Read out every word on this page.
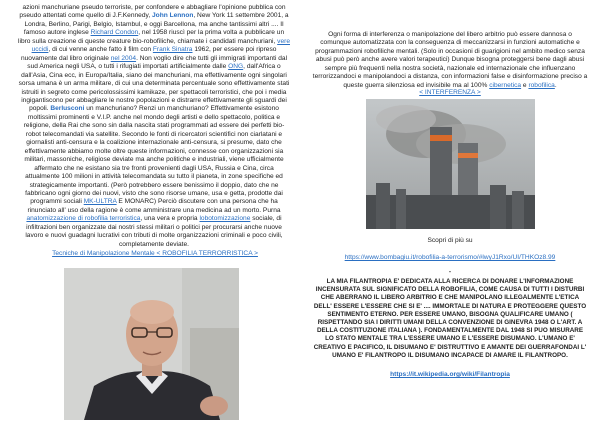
azioni manchuriane pseudo terroriste, per confondere e abbagliare l'opinione pubblica con pseudo attentati come quello di J.F.Kennedy, John Lennon, New York 11 settembre 2001, a Londra, Berlino, Parigi, Belgio, Istambul, e oggi Barcellona, ma anche tantissimi altri .... Il famoso autore inglese Richard Condon, nel 1958 riuscì per la prima volta a pubblicare un libro sulla creazione di queste creature bio-robofiliche, chiamate i candidati manchuriani, vere uccidi, di cui venne anche fatto il film con Frank Sinatra 1962, per essere poi ripreso nuovamente dal libro originale nel 2004. Non voglio dire che tutti gli immigrati importanti dal sud America negli USA, o tutti i rifugiati importati artificialmente dalle ONG, dall'Africa o dall'Asia, Cina ecc, in Europa/Italia, siano dei manchuriani, ma effettivamente ogni singolari sorsa umana è un arma militare, di cui una determinata percentuale sono effettivamente stati istruiti in segreto come pericolossissimi kamikaze, per spettacoli terroristici, che poi i media ingigantiscono per abbagliare le nostre popolazioni e distrarre effettivamente gli sguardi dei popoli. Berlusconi un manchuriano? Renzi un manchuriano? Effettivamente esistono moltissimi prominenti e V.I.P. anche nel mondo degli artisti e dello spettacolo, politica e religione, della Rai che sono sin dalla nascita stati programmati ad essere dei perfetti bio-robot telecomandati via satellite. Secondo le fonti di ricercatori scientifici non ciarlatani e giornalisti anti-censura e la coalizione internazionale anti-censura, si presume, dato che effettivamente abbiamo molte oltre queste informazioni, connesse con organizzazioni sia militari, massoniche, religiose deviate ma anche politiche e industriali, viene ufficialmente affermato che ne esistano sia tre fronti provenienti dagli USA, Russia e Cina, circa attualmente 100 milioni in attività telecomandata su tutto il pianeta, in zone specifiche ed strategicamente importanti. (Però potrebbero essere benissimo il doppio, dato che ne fabbricano ogni giorno dei nuovi, visto che sono risorse umane, usa e getta, prodotte dai programmi sociali MK-ULTRA E MONARC) Perciò discutere con una persona che ha rinunciato all' uso della ragione è come amministrare una medicina ad un morto. Purna anatomizzazione di robofilia terroristica, una vera e propria lobotomizzazione sociale, di infiltrazioni ben organizzate dai nostri stessi militari o politici per procurarsi anche nuove lavoro e nuovi guadagni lucrativi con tributi di molte organizzazioni criminali e poco civili, completamente deviate.
Tecniche di Manipolazione Mentale < ROBOFILIA TERRORRISTICA >
Ogni forma di interferenza o manipolazione del libero arbitrio può essere dannosa o comunque automatizzata con la conseguenza di meccanizzarsi in funzioni automatiche e programmazioni robofiliche mentali. (Solo in occasioni di guarigioni nel ambito medico senza abusi può però anche avere valori terapeutici) Dunque bisogna proteggersi bene dagli abusi sempre più frequenti nella nostra società, nazionale ed internazionale che influenzano terrorizzandoci e manipolandoci a distanza, con informazioni false e disinformazione preciso a queste guerra silenziosa ed invisibile ma al 100% cibernetica e robofilica.
< INTERFERENZA >
Scopri di più su
https://www.bombagiu.it/robofilia-a-terrorismo/#lwyJ1Rxo/UI/THKOz8.99
-
LA MIA FILANTROPIA E' DEDICATA ALLA RICERCA DI DONARE L'INFORMAZIONE INCENSURATA SUL SIGNIFICATO DELLA ROBOFILIA, COME CAUSA DI TUTTI I DISTURBI CHE ABERRANO IL LIBERO ARBITRIO E CHE MANIPOLANO ILLEGALMENTE L'ETICA DELL' ESSERE L'ESSERE CHE SI E' .... IMMORTALE DI NATURA E PROTEGGERE QUESTO SENTIMENTO ETERNO. PER ESSERE UMANO, BISOGNA QUALIFICARE UMANO ( RISPETTANDO SIA I DIRITTI UMANI DELLA CONVENZIONE DI GINEVRA 1948 O L'ART. A DELLA COSTITUZIONE ITALIANA ). FONDAMENTALMENTE DAL 1948 SI PUO MISURARE LO STATO MENTALE TRA L'ESSERE UMANO E L'ESSERE DISUMANO. L'UMANO E' CREATIVO E PACIFICO, IL DISUMANO E' DISTRUTTIVO E AMANTE DEI GUERRAFONDAI L' UMANO E' FILANTROPO IL DISUMANO INCAPACE DI AMARE IL FILANTROPO.
https://it.wikipedia.org/wiki/Filantropia
